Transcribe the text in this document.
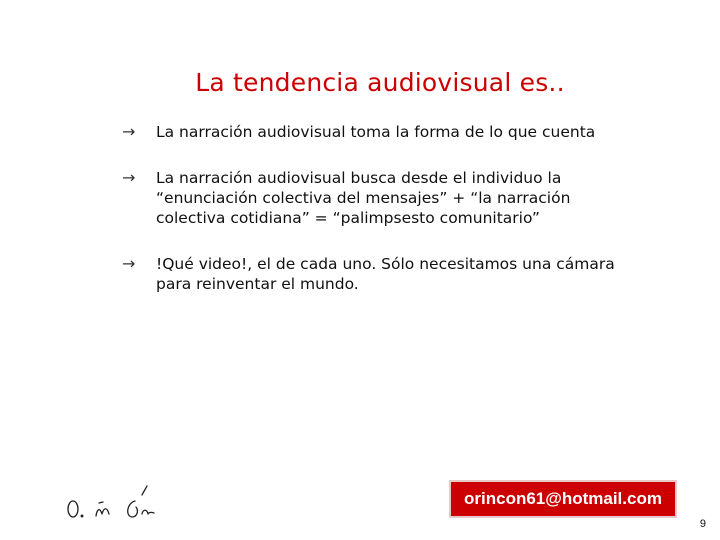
La tendencia audiovisual es..
→	La narración audiovisual toma la forma de lo que cuenta
→	La narración audiovisual busca desde el individuo la
“enunciación colectiva del mensajes” + “la narración
colectiva cotidiana” = “palimpsesto comunitario”
→	!Qué video!, el de cada uno. Sólo necesitamos una cámara
para reinventar el mundo.
orincon61@hotmail.com
9
